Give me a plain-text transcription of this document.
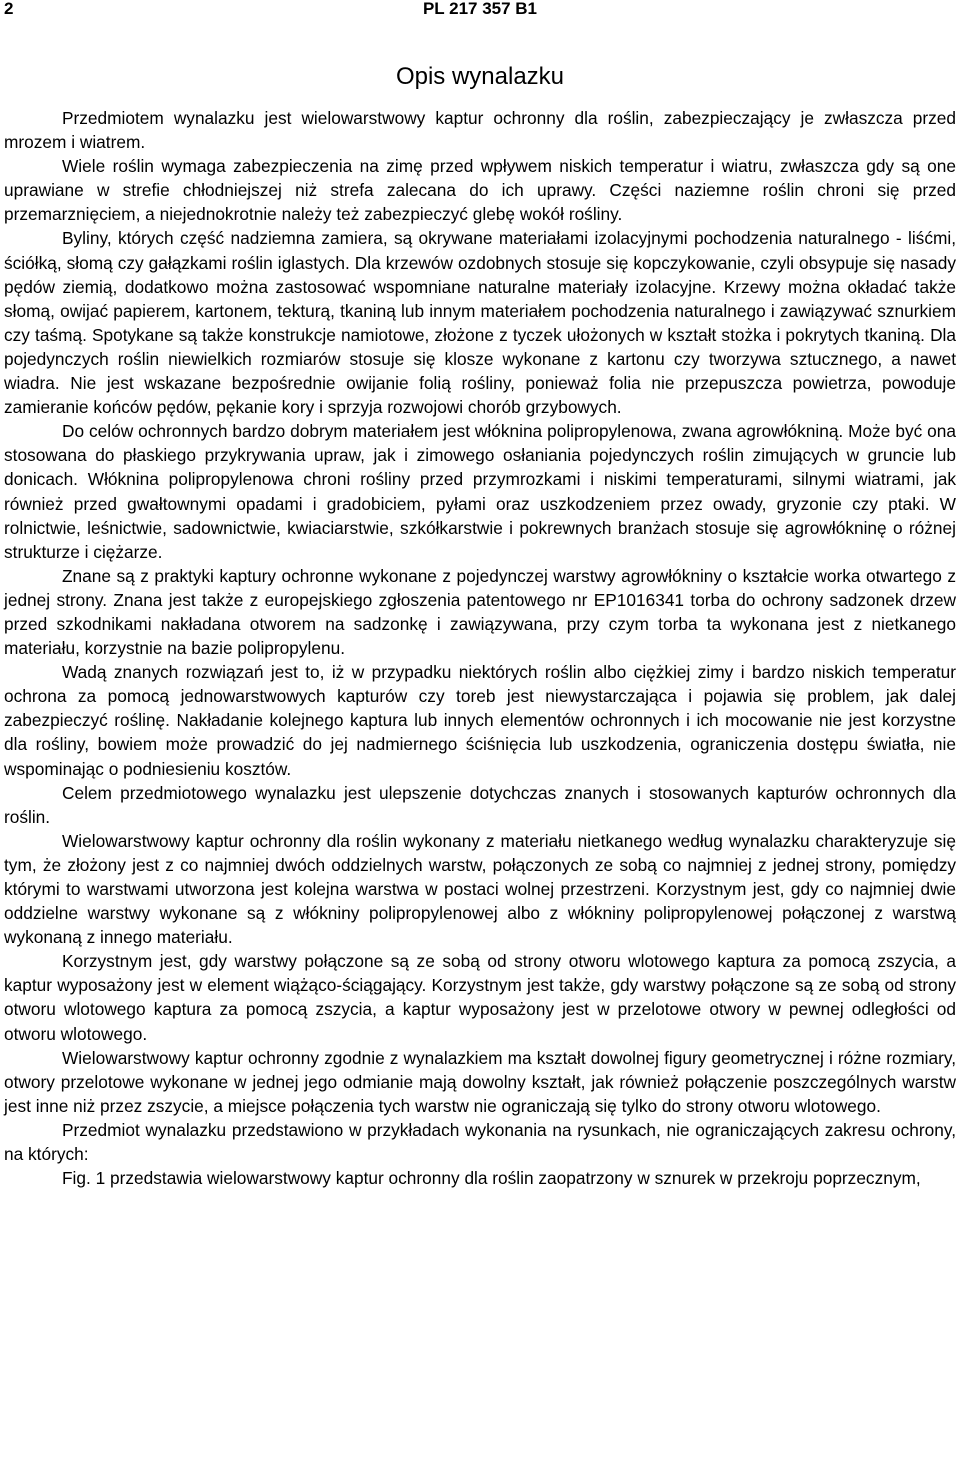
2	PL 217 357 B1
Opis wynalazku

Przedmiotem wynalazku jest wielowarstwowy kaptur ochronny dla roślin, zabezpieczający je zwłaszcza przed mrozem i wiatrem.

Wiele roślin wymaga zabezpieczenia na zimę przed wpływem niskich temperatur i wiatru, zwłaszcza gdy są one uprawiane w strefie chłodniejszej niż strefa zalecana do ich uprawy. Części naziemne roślin chroni się przed przemarznięciem, a niejednokrotnie należy też zabezpieczyć glebę wokół rośliny.

Byliny, których część nadziemna zamiera, są okrywane materiałami izolacyjnymi pochodzenia naturalnego - liśćmi, ściółką, słomą czy gałązkami roślin iglastych. Dla krzewów ozdobnych stosuje się kopczykowanie, czyli obsypuje się nasady pędów ziemią, dodatkowo można zastosować wspomniane naturalne materiały izolacyjne. Krzewy można okładać także słomą, owijać papierem, kartonem, tekturą, tkaniną lub innym materiałem pochodzenia naturalnego i zawiązywać sznurkiem czy taśmą. Spotykane są także konstrukcje namiotowe, złożone z tyczek ułożonych w kształt stożka i pokrytych tkaniną. Dla pojedynczych roślin niewielkich rozmiarów stosuje się klosze wykonane z kartonu czy tworzywa sztucznego, a nawet wiadra. Nie jest wskazane bezpośrednie owijanie folią rośliny, ponieważ folia nie przepuszcza powietrza, powoduje zamieranie końców pędów, pękanie kory i sprzyja rozwojowi chorób grzybowych.

Do celów ochronnych bardzo dobrym materiałem jest włóknina polipropylenowa, zwana agrowłókniną. Może być ona stosowana do płaskiego przykrywania upraw, jak i zimowego osłaniania pojedynczych roślin zimujących w gruncie lub donicach. Włóknina polipropylenowa chroni rośliny przed przymrozkami i niskimi temperaturami, silnymi wiatrami, jak również przed gwałtownymi opadami i gradobiciem, pyłami oraz uszkodzeniem przez owady, gryzonie czy ptaki. W rolnictwie, leśnictwie, sadownictwie, kwiaciarstwie, szkółkarstwie i pokrewnych branżach stosuje się agrowłókninę o różnej strukturze i ciężarze.

Znane są z praktyki kaptury ochronne wykonane z pojedynczej warstwy agrowłókniny o kształcie worka otwartego z jednej strony. Znana jest także z europejskiego zgłoszenia patentowego nr EP1016341 torba do ochrony sadzonek drzew przed szkodnikami nakładana otworem na sadzonkę i zawiązywana, przy czym torba ta wykonana jest z nietkanego materiału, korzystnie na bazie polipropylenu.

Wadą znanych rozwiązań jest to, iż w przypadku niektórych roślin albo ciężkiej zimy i bardzo niskich temperatur ochrona za pomocą jednowarstwowych kapturów czy toreb jest niewystarczająca i pojawia się problem, jak dalej zabezpieczyć roślinę. Nakładanie kolejnego kaptura lub innych elementów ochronnych i ich mocowanie nie jest korzystne dla rośliny, bowiem może prowadzić do jej nadmiernego ściśnięcia lub uszkodzenia, ograniczenia dostępu światła, nie wspominając o podniesieniu kosztów.

Celem przedmiotowego wynalazku jest ulepszenie dotychczas znanych i stosowanych kapturów ochronnych dla roślin.

Wielowarstwowy kaptur ochronny dla roślin wykonany z materiału nietkanego według wynalazku charakteryzuje się tym, że złożony jest z co najmniej dwóch oddzielnych warstw, połączonych ze sobą co najmniej z jednej strony, pomiędzy którymi to warstwami utworzona jest kolejna warstwa w postaci wolnej przestrzeni. Korzystnym jest, gdy co najmniej dwie oddzielne warstwy wykonane są z włókniny polipropylenowej albo z włókniny polipropylenowej połączonej z warstwą wykonaną z innego materiału.

Korzystnym jest, gdy warstwy połączone są ze sobą od strony otworu wlotowego kaptura za pomocą zszycia, a kaptur wyposażony jest w element wiążąco-ściągający. Korzystnym jest także, gdy warstwy połączone są ze sobą od strony otworu wlotowego kaptura za pomocą zszycia, a kaptur wyposażony jest w przelotowe otwory w pewnej odległości od otworu wlotowego.

Wielowarstwowy kaptur ochronny zgodnie z wynalazkiem ma kształt dowolnej figury geometrycznej i różne rozmiary, otwory przelotowe wykonane w jednej jego odmianie mają dowolny kształt, jak również połączenie poszczególnych warstw jest inne niż przez zszycie, a miejsce połączenia tych warstw nie ograniczają się tylko do strony otworu wlotowego.

Przedmiot wynalazku przedstawiono w przykładach wykonania na rysunkach, nie ograniczających zakresu ochrony, na których:

Fig. 1 przedstawia wielowarstwowy kaptur ochronny dla roślin zaopatrzony w sznurek w przekroju poprzecznym,
